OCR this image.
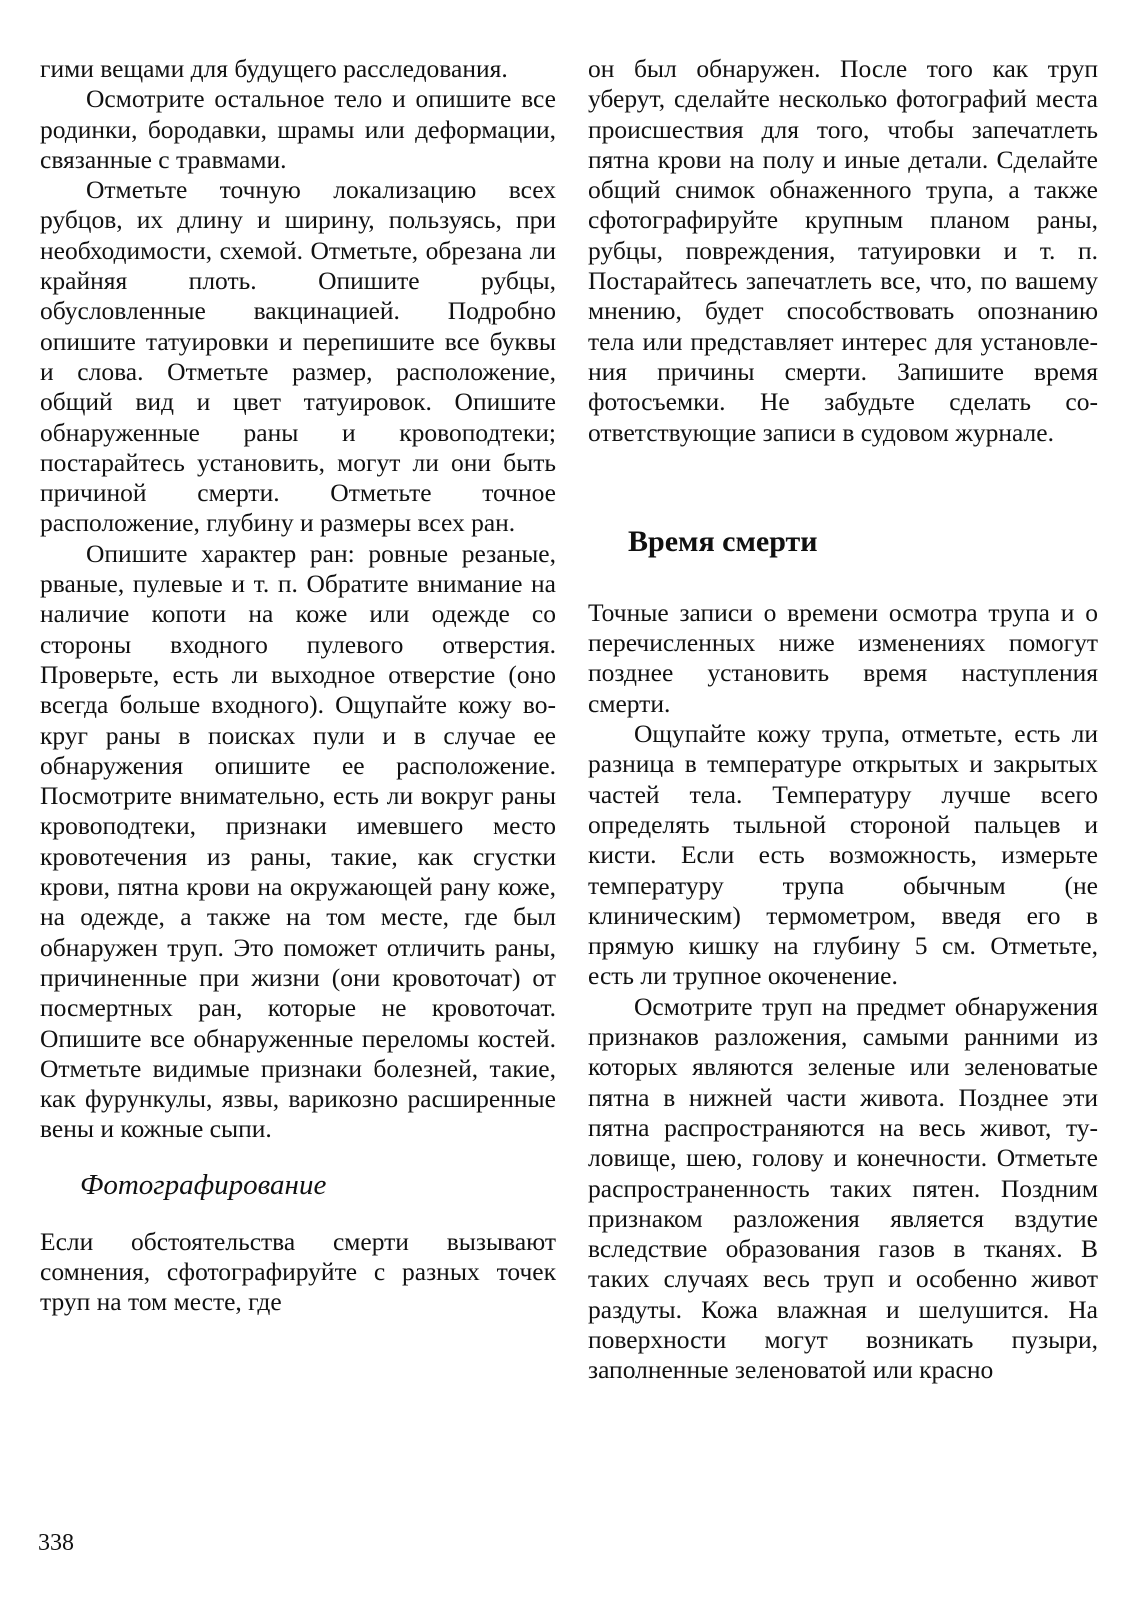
гими вещами для будущего расследования.

Осмотрите остальное тело и опишите все родинки, бородавки, шрамы или деформации, связанные с травмами.

Отметьте точную локализацию всех рубцов, их длину и ширину, пользуясь, при необходимости, схемой. Отметьте, обрезана ли крайняя плоть. Опишите рубцы, обусловленные вакцинацией. Подробно опишите татуировки и перепишите все буквы и слова. Отметьте размер, расположение, общий вид и цвет татуировок. Опишите обнаруженные раны и кровоподтеки; постарайтесь установить, могут ли они быть причиной смерти. Отметьте точное расположение, глубину и размеры всех ран.

Опишите характер ран: ровные резаные, рваные, пулевые и т. п. Обратите внимание на наличие копоти на коже или одежде со стороны входного пулевого отверстия. Проверьте, есть ли выходное отверстие (оно всегда больше входного). Ощупайте кожу вокруг раны в поисках пули и в случае ее обнаружения опишите ее расположение. Посмотрите внимательно, есть ли вокруг раны кровоподтеки, признаки имевшего место кровотечения из раны, такие, как сгустки крови, пятна крови на окружающей рану коже, на одежде, а также на том месте, где был обнаружен труп. Это поможет отличить раны, причиненные при жизни (они кровоточат) от посмертных ран, которые не кровоточат. Опишите все обнаруженные переломы костей. Отметьте видимые признаки болезней, такие, как фурункулы, язвы, варикозно расширенные вены и кожные сыпи.

Фотографирование

Если обстоятельства смерти вызывают сомнения, сфотографируйте с разных точек труп на том месте, где

он был обнаружен. После того как труп уберут, сделайте несколько фотографий места происшествия для того, чтобы запечатлеть пятна крови на полу и иные детали. Сделайте общий снимок обнаженного трупа, а также сфотографируйте крупным планом раны, рубцы, повреждения, татуировки и т. п. Постарайтесь запечатлеть все, что, по вашему мнению, будет способствовать опознанию тела или представляет интерес для установления причины смерти. Запишите время фотосъемки. Не забудьте сделать соответствующие записи в судовом журнале.

Время смерти

Точные записи о времени осмотра трупа и о перечисленных ниже изменениях помогут позднее установить время наступления смерти.

Ощупайте кожу трупа, отметьте, есть ли разница в температуре открытых и закрытых частей тела. Температуру лучше всего определять тыльной стороной пальцев и кисти. Если есть возможность, измерьте температуру трупа обычным (не клиническим) термометром, введя его в прямую кишку на глубину 5 см. Отметьте, есть ли трупное окоченение.

Осмотрите труп на предмет обнаружения признаков разложения, самыми ранними из которых являются зеленые или зеленоватые пятна в нижней части живота. Позднее эти пятна распространяются на весь живот, туловище, шею, голову и конечности. Отметьте распространенность таких пятен. Поздним признаком разложения является вздутие вследствие образования газов в тканях. В таких случаях весь труп и особенно живот раздуты. Кожа влажная и шелушится. На поверхности могут возникать пузыри, заполненные зеленоватой или красно

338
